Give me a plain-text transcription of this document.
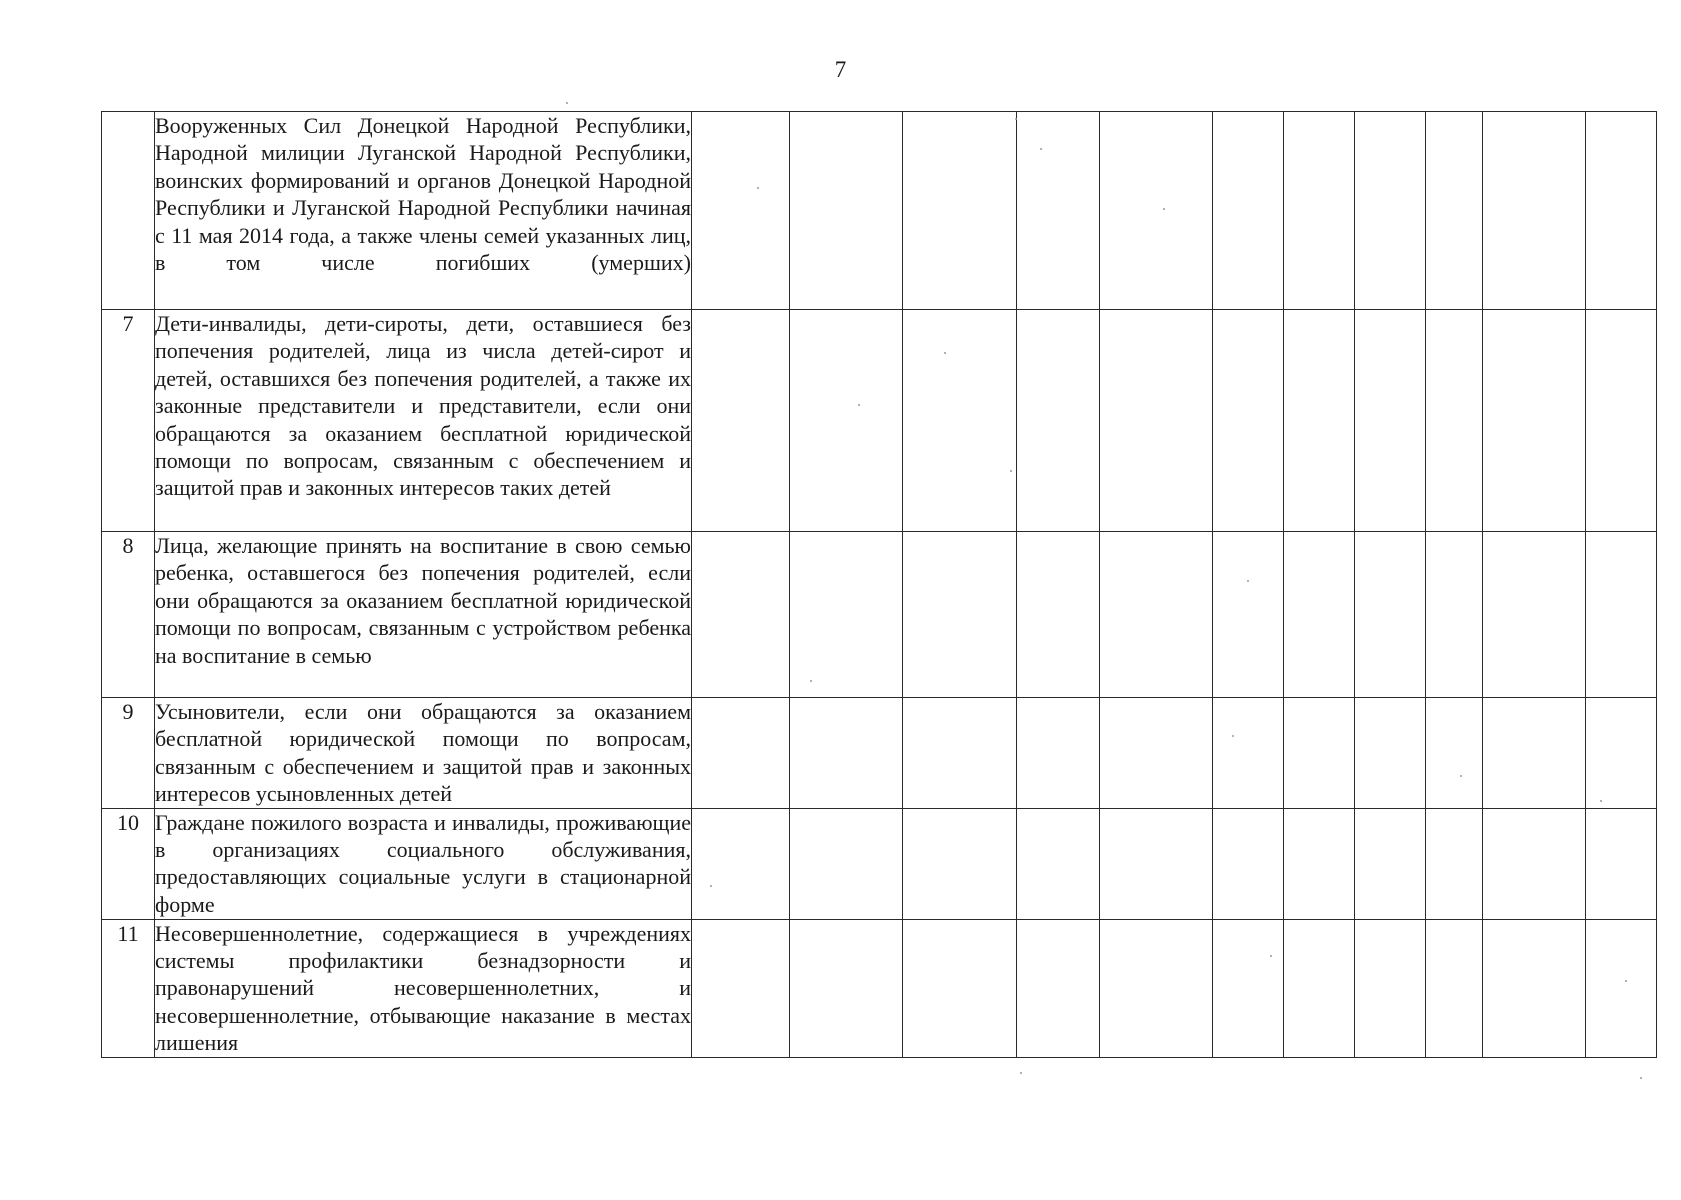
7
	Вооруженных Сил Донецкой Народной Республики, Народной милиции Луганской Народной Республики, воинских формирований и органов Донецкой Народной Республики и Луганской Народной Республики начиная с 11 мая 2014 года, а также члены семей указанных лиц, в том числе погибших (умерших)											
7	Дети-инвалиды, дети-сироты, дети, оставшиеся без попечения родителей, лица из числа детей-сирот и детей, оставшихся без попечения родителей, а также их законные представители и представители, если они обращаются за оказанием бесплатной юридической помощи по вопросам, связанным с обеспечением и защитой прав и законных интересов таких детей											
8	Лица, желающие принять на воспитание в свою семью ребенка, оставшегося без попечения родителей, если они обращаются за оказанием бесплатной юридической помощи по вопросам, связанным с устройством ребенка на воспитание в семью											
9	Усыновители, если они обращаются за оказанием бесплатной юридической помощи по вопросам, связанным с обеспечением и защитой прав и законных интересов усыновленных детей											
10	Граждане пожилого возраста и инвалиды, проживающие в организациях социального обслуживания, предоставляющих социальные услуги в стационарной форме											
11	Несовершеннолетние, содержащиеся в учреждениях системы профилактики безнадзорности и правонарушений несовершеннолетних, и несовершеннолетние, отбывающие наказание в местах лишения											
